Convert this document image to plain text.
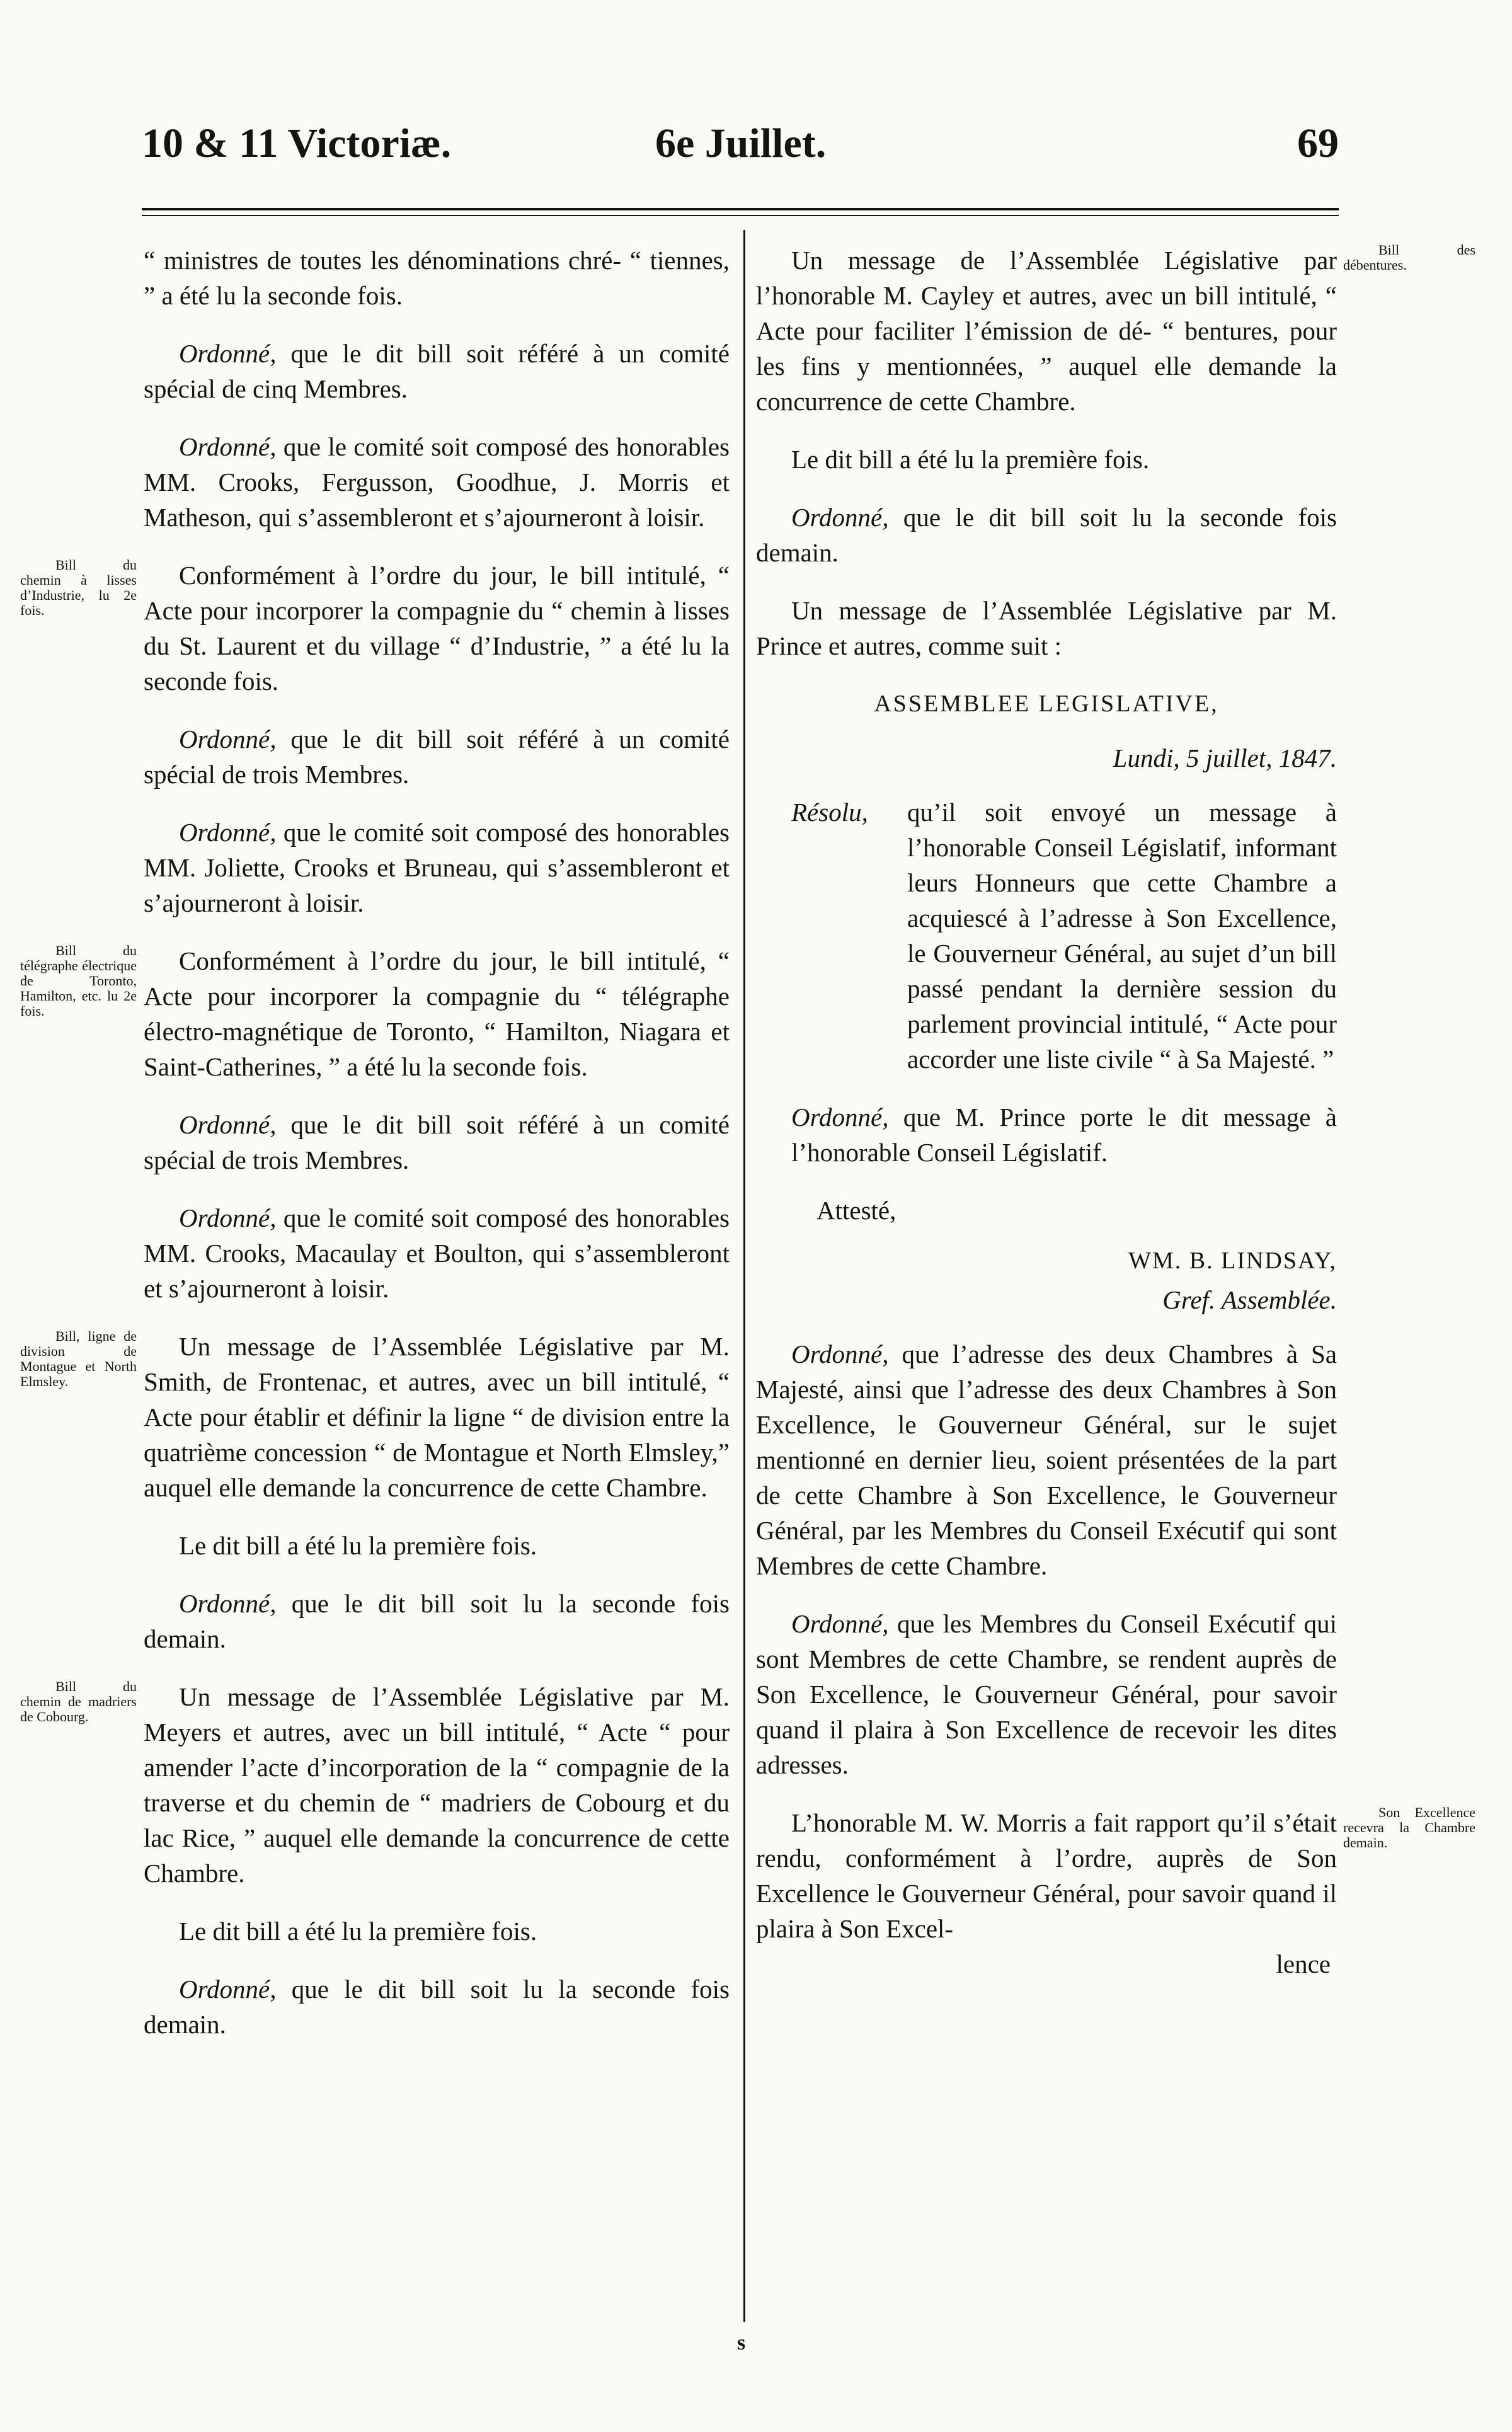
10 & 11 Victoriæ.	6e Juillet.	69

“ ministres de toutes les dénominations chré- “ tiennes, ” a été lu la seconde fois.

Ordonné, que le dit bill soit référé à un comité spécial de cinq Membres.

Ordonné, que le comité soit composé des honorables MM. Crooks, Fergusson, Goodhue, J. Morris et Matheson, qui s’assembleront et s’ajourneront à loisir.

Bill du chemin à lisses d’Industrie, lu 2e fois.
Conformément à l’ordre du jour, le bill intitulé, “ Acte pour incorporer la compagnie du “ chemin à lisses du St. Laurent et du village “ d’Industrie, ” a été lu la seconde fois.

Ordonné, que le dit bill soit référé à un comité spécial de trois Membres.

Ordonné, que le comité soit composé des honorables MM. Joliette, Crooks et Bruneau, qui s’assembleront et s’ajourneront à loisir.

Bill du télégraphe électrique de Toronto, Hamilton, etc. lu 2e fois.
Conformément à l’ordre du jour, le bill intitulé, “ Acte pour incorporer la compagnie du “ télégraphe électro-magnétique de Toronto, “ Hamilton, Niagara et Saint-Catherines, ” a été lu la seconde fois.

Ordonné, que le dit bill soit référé à un comité spécial de trois Membres.

Ordonné, que le comité soit composé des honorables MM. Crooks, Macaulay et Boulton, qui s’assembleront et s’ajourneront à loisir.

Bill, ligne de division de Montague et North Elmsley.
Un message de l’Assemblée Législative par M. Smith, de Frontenac, et autres, avec un bill intitulé, “ Acte pour établir et définir la ligne “ de division entre la quatrième concession “ de Montague et North Elmsley,” auquel elle demande la concurrence de cette Chambre.

Le dit bill a été lu la première fois.

Ordonné, que le dit bill soit lu la seconde fois demain.

Bill du chemin de madriers de Cobourg.
Un message de l’Assemblée Législative par M. Meyers et autres, avec un bill intitulé, “ Acte “ pour amender l’acte d’incorporation de la “ compagnie de la traverse et du chemin de “ madriers de Cobourg et du lac Rice, ” auquel elle demande la concurrence de cette Chambre.

Le dit bill a été lu la première fois.

Ordonné, que le dit bill soit lu la seconde fois demain.

Bill des débentures.
Un message de l’Assemblée Législative par l’honorable M. Cayley et autres, avec un bill intitulé, “ Acte pour faciliter l’émission de dé- “ bentures, pour les fins y mentionnées, ” auquel elle demande la concurrence de cette Chambre.

Le dit bill a été lu la première fois.

Ordonné, que le dit bill soit lu la seconde fois demain.

Un message de l’Assemblée Législative par M. Prince et autres, comme suit :

ASSEMBLEE LEGISLATIVE,

Lundi, 5 juillet, 1847.

Résolu, qu’il soit envoyé un message à l’honorable Conseil Législatif, informant leurs Honneurs que cette Chambre a acquiescé à l’adresse à Son Excellence, le Gouverneur Général, au sujet d’un bill passé pendant la dernière session du parlement provincial intitulé, “ Acte pour accorder une liste civile “ à Sa Majesté. ”

Ordonné, que M. Prince porte le dit message à l’honorable Conseil Législatif.

Attesté,

WM. B. LINDSAY,

Gref. Assemblée.

Ordonné, que l’adresse des deux Chambres à Sa Majesté, ainsi que l’adresse des deux Chambres à Son Excellence, le Gouverneur Général, sur le sujet mentionné en dernier lieu, soient présentées de la part de cette Chambre à Son Excellence, le Gouverneur Général, par les Membres du Conseil Exécutif qui sont Membres de cette Chambre.

Ordonné, que les Membres du Conseil Exécutif qui sont Membres de cette Chambre, se rendent auprès de Son Excellence, le Gouverneur Général, pour savoir quand il plaira à Son Excellence de recevoir les dites adresses.

Son Excellence recevra la Chambre demain.
L’honorable M. W. Morris a fait rapport qu’il s’était rendu, conformément à l’ordre, auprès de Son Excellence le Gouverneur Général, pour savoir quand il plaira à Son Excel-

lence

s
